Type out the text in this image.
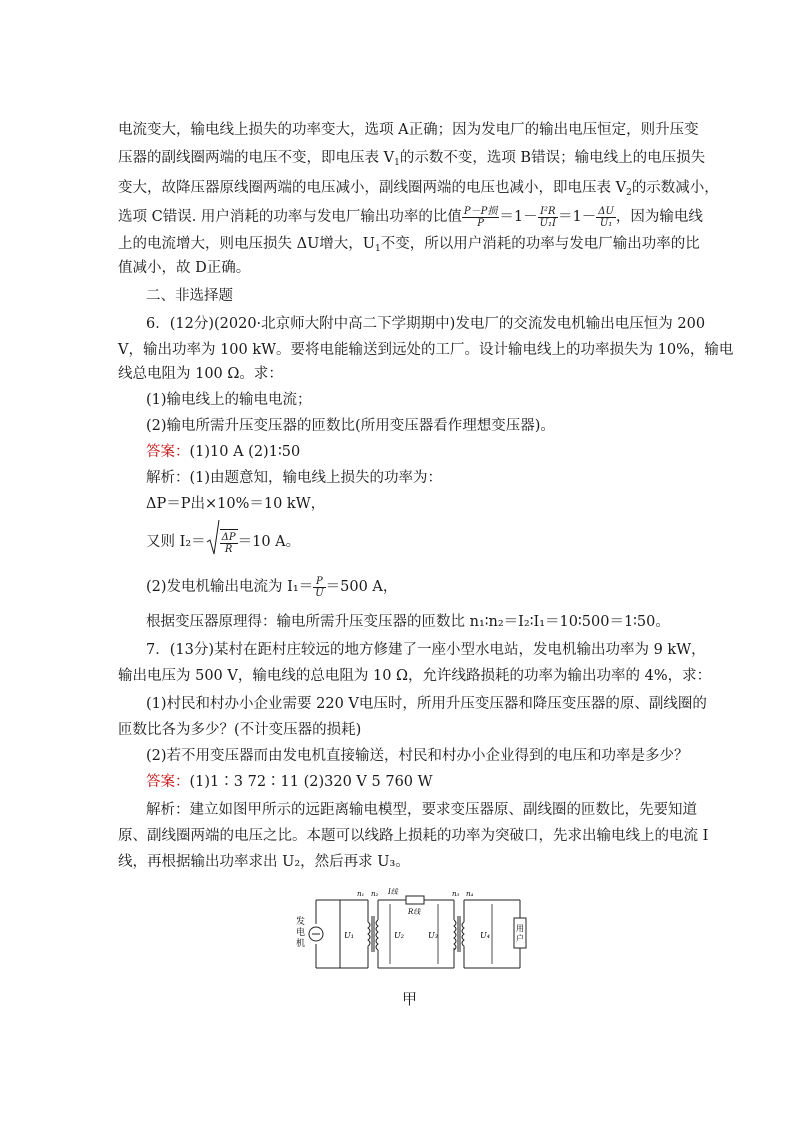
电流变大，输电线上损失的功率变大，选项 A正确；因为发电厂的输出电压恒定，则升压变
压器的副线圈两端的电压不变，即电压表 $V_1$的示数不变，选项 B错误；输电线上的电压损失
变大，故降压器原线圈两端的电压减小，副线圈两端的电压也减小，即电压表 $V_2$的示数减小，
选项 C错误. 用户消耗的功率与发电厂输出功率的比值 $\frac{\text{P－P损}}{P} =1- \frac{\text{I²R}}{\text{U₁I}} =1- \frac{\Delta U}{\text{U₁}}$ ，因为输电线
上的电流增大，则电压损失 ΔU增大，$U_1$不变，所以用户消耗的功率与发电厂输出功率的比
值减小，故 D正确。
二、非选择题
6．(12分)(2020·北京师大附中高二下学期期中)发电厂的交流发电机输出电压恒为 200
V，输出功率为 100 kW。要将电能输送到远处的工厂。设计输电线上的功率损失为 10%，输电
线总电阻为 100 Ω。求：
(1)输电线上的输电电流；
(2)输电所需升压变压器的匝数比(所用变压器看作理想变压器)。
答案：(1)10 A (2)1∶50
解析：(1)由题意知，输电线上损失的功率为：
ΔP＝P出×10%＝10 kW，
又则 $I_2= \frac{\Delta P}{R} =10$ A。
(2)发电机输出电流为 $I_1= \frac{P}{U} =500$ A，
根据变压器原理得：输电所需升压变压器的匝数比 n₁∶n₂＝I₂∶I₁＝10∶500＝1∶50。
7．(13分)某村在距村庄较远的地方修建了一座小型水电站，发电机输出功率为 9 kW，
输出电压为 500 V，输电线的总电阻为 10 Ω，允许线路损耗的功率为输出功率的 4%，求：
(1)村民和村办小企业需要 220 V电压时，所用升压变压器和降压变压器的原、副线圈的
匝数比各为多少？(不计变压器的损耗)
(2)若不用变压器而由发电机直接输送，村民和村办小企业得到的电压和功率是多少？
答案：(1)1∶3 72∶11 (2)320 V 5 760 W
解析：建立如图甲所示的远距离输电模型，要求变压器原、副线圈的匝数比，先要知道
原、副线圈两端的电压之比。本题可以线路上损耗的功率为突破口，先求出输电线上的电流 I
线，再根据输出功率求出 U₂，然后再求 U₃。
发 电 机
U₁
n₁ n₂ I线
R线
U₂	U₃
n₃ n₄
U₄
用 户
甲
